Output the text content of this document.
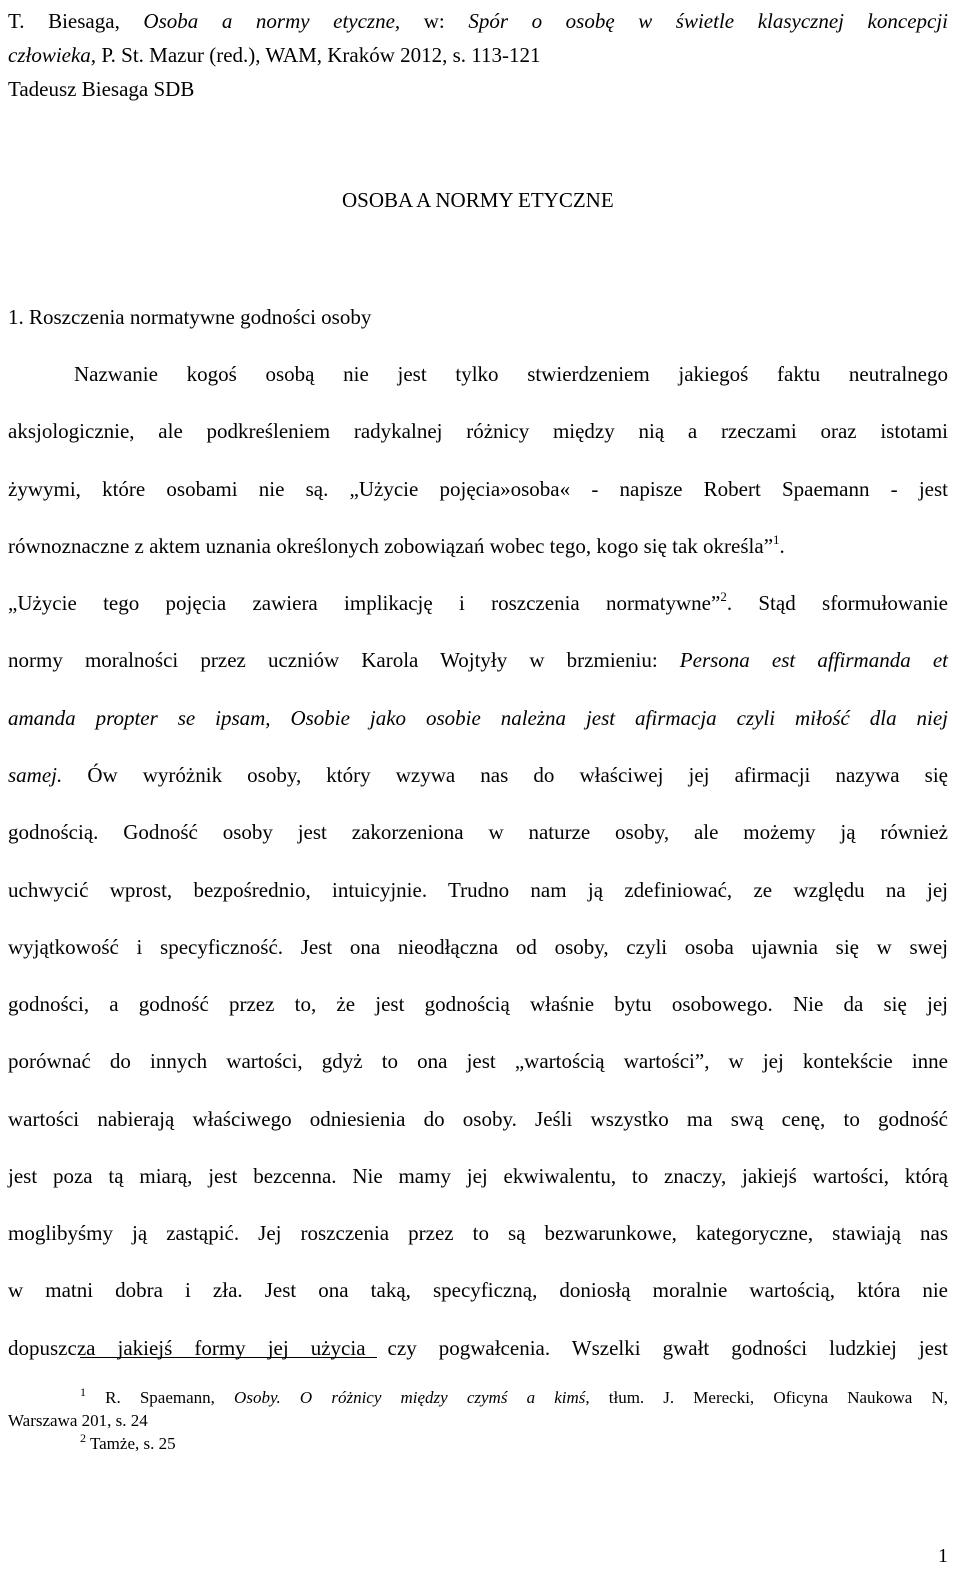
T. Biesaga, Osoba a normy etyczne, w: Spór o osobę w świetle klasycznej koncepcji
człowieka, P. St. Mazur (red.), WAM, Kraków 2012, s. 113-121
Tadeusz Biesaga SDB
OSOBA A NORMY ETYCZNE
1. Roszczenia normatywne godności osoby
Nazwanie kogoś osobą nie jest tylko stwierdzeniem jakiegoś faktu neutralnego
aksjologicznie, ale podkreśleniem radykalnej różnicy między nią a rzeczami oraz istotami
żywymi, które osobami nie są. „Użycie pojęcia»osoba« - napisze Robert Spaemann - jest
równoznaczne z aktem uznania określonych zobowiązań wobec tego, kogo się tak określa”$^1$.
„Użycie tego pojęcia zawiera implikację i roszczenia normatywne”$^2$. Stąd sformułowanie
normy moralności przez uczniów Karola Wojtyły w brzmieniu: Persona est affirmanda et
amanda propter se ipsam, Osobie jako osobie należna jest afirmacja czyli miłość dla niej
samej. Ów wyróżnik osoby, który wzywa nas do właściwej jej afirmacji nazywa się
godnością. Godność osoby jest zakorzeniona w naturze osoby, ale możemy ją również
uchwycić wprost, bezpośrednio, intuicyjnie. Trudno nam ją zdefiniować, ze względu na jej
wyjątkowość i specyficzność. Jest ona nieodłączna od osoby, czyli osoba ujawnia się w swej
godności, a godność przez to, że jest godnością właśnie bytu osobowego. Nie da się jej
porównać do innych wartości, gdyż to ona jest „wartością wartości”, w jej kontekście inne
wartości nabierają właściwego odniesienia do osoby. Jeśli wszystko ma swą cenę, to godność
jest poza tą miarą, jest bezcenna. Nie mamy jej ekwiwalentu, to znaczy, jakiejś wartości, którą
moglibyśmy ją zastąpić. Jej roszczenia przez to są bezwarunkowe, kategoryczne, stawiają nas
w matni dobra i zła. Jest ona taką, specyficzną, doniosłą moralnie wartością, która nie
dopuszcza jakiejś formy jej użycia czy pogwałcenia. Wszelki gwałt godności ludzkiej jest
$^1$ R. Spaemann, Osoby. O różnicy między czymś a kimś, tłum. J. Merecki, Oficyna Naukowa N,
Warszawa 201, s. 24
$^2$ Tamże, s. 25
1
